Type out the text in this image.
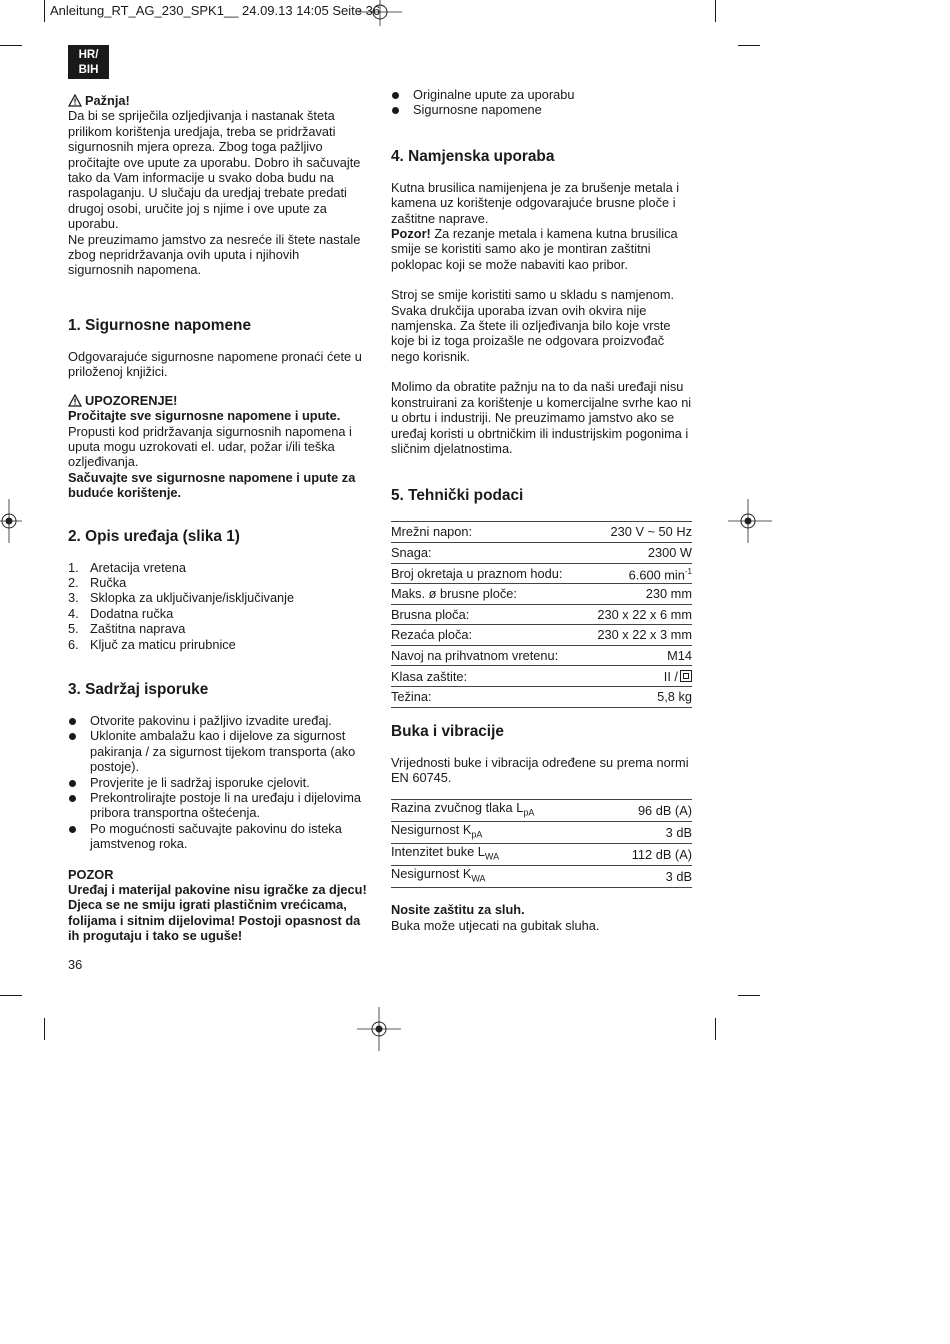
Anleitung_RT_AG_230_SPK1__ 24.09.13 14:05 Seite 36
HR/
BIH

Pažnja!

Da bi se spriječila ozljedjivanja i nastanak šteta prilikom korištenja uredjaja, treba se pridržavati sigurnosnih mjera opreza. Zbog toga pažljivo pročitajte ove upute za uporabu. Dobro ih sačuvajte tako da Vam informacije u svako doba budu na raspolaganju. U slučaju da uredjaj trebate predati drugoj osobi, uručite joj s njime i ove upute za uporabu.

Ne preuzimamo jamstvo za nesreće ili štete nastale zbog nepridržavanja ovih uputa i njihovih sigurnosnih napomena.

1. Sigurnosne napomene

Odgovarajuće sigurnosne napomene pronaći ćete u priloženoj knjižici.

UPOZORENJE!

Pročitajte sve sigurnosne napomene i upute.

Propusti kod pridržavanja sigurnosnih napomena i uputa mogu uzrokovati el. udar, požar i/ili teška ozljeđivanja.

Sačuvajte sve sigurnosne napomene i upute za buduće korištenje.

2. Opis uređaja (slika 1)
1. Aretacija vretena
2. Ručka
3. Sklopka za uključivanje/isključivanje
4. Dodatna ručka
5. Zaštitna naprava
6. Ključ za maticu prirubnice
3. Sadržaj isporuke
Otvorite pakovinu i pažljivo izvadite uređaj.
Uklonite ambalažu kao i dijelove za sigurnost pakiranja / za sigurnost tijekom transporta (ako postoje).
Provjerite je li sadržaj isporuke cjelovit.
Prekontrolirajte postoje li na uređaju i dijelovima pribora transportna oštećenja.
Po mogućnosti sačuvajte pakovinu do isteka jamstvenog roka.

POZOR

Uređaj i materijal pakovine nisu igračke za djecu! Djeca se ne smiju igrati plastičnim vrećicama, folijama i sitnim dijelovima! Postoji opasnost da ih progutaju i tako se uguše!

Originalne upute za uporabu
Sigurnosne napomene
4. Namjenska uporaba

Kutna brusilica namijenjena je za brušenje metala i kamena uz korištenje odgovarajuće brusne ploče i zaštitne naprave.

Pozor! Za rezanje metala i kamena kutna brusilica smije se koristiti samo ako je montiran zaštitni poklopac koji se može nabaviti kao pribor.

Stroj se smije koristiti samo u skladu s namjenom. Svaka drukčija uporaba izvan ovih okvira nije namjenska. Za štete ili ozljeđivanja bilo koje vrste koje bi iz toga proizašle ne odgovara proizvođač nego korisnik.

Molimo da obratite pažnju na to da naši uređaji nisu konstruirani za korištenje u komercijalne svrhe kao ni u obrtu i industriji. Ne preuzimamo jamstvo ako se uređaj koristi u obrtničkim ili industrijskim pogonima i sličnim djelatnostima.

5. Tehnički podaci
Mrežni napon:	230 V ~ 50 Hz
Snaga:	2300 W
Broj okretaja u praznom hodu:	6.600 $\min^{-1}$
Maks. ø brusne ploče:	230 mm
Brusna ploča:	230 x 22 x 6 mm
Rezaća ploča:	230 x 22 x 3 mm
Navoj na prihvatnom vretenu:	M14
Klasa zaštite:	II /
Težina:	5,8 kg
Buka i vibracije

Vrijednosti buke i vibracija određene su prema normi EN 60745.

Razina zvučnog tlaka $L_{pA}$	96 dB (A)
Nesigurnost $K_{pA}$	3 dB
Intenzitet buke $L_{WA}$	112 dB (A)
Nesigurnost $K_{WA}$	3 dB

Nosite zaštitu za sluh.

Buka može utjecati na gubitak sluha.

36
